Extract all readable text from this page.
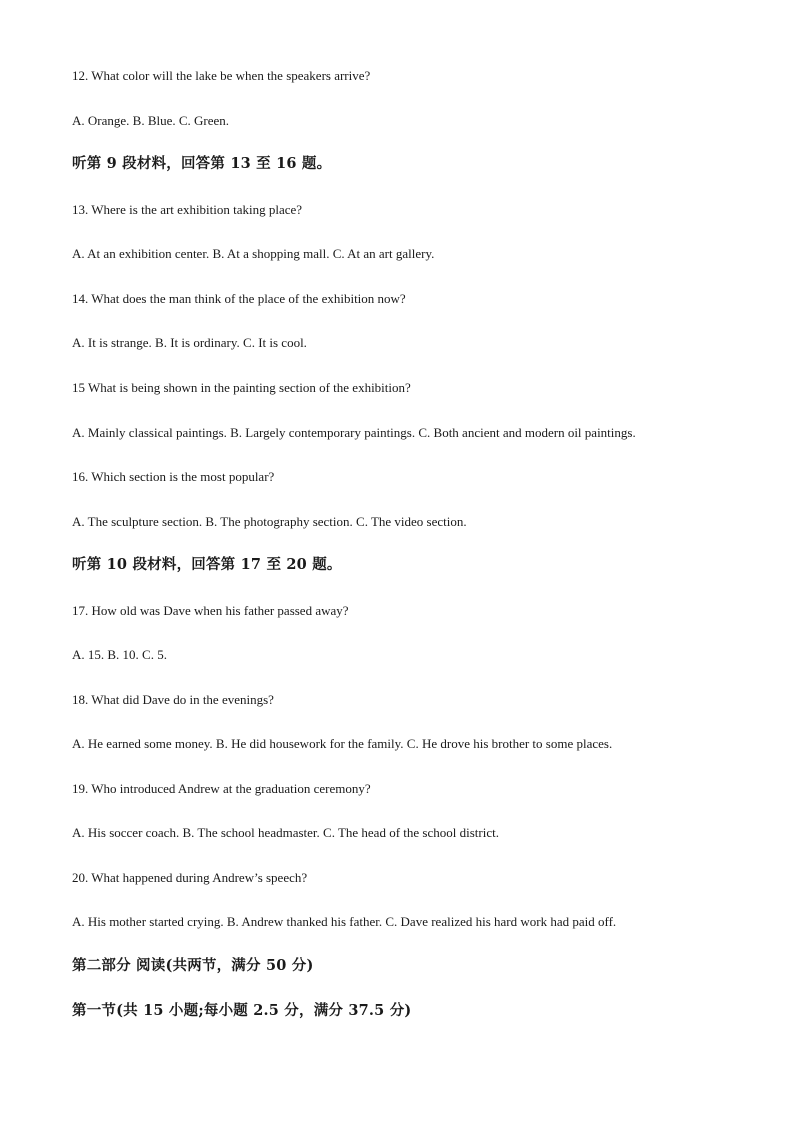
12. What color will the lake be when the speakers arrive?
A. Orange. B. Blue. C. Green.
听第 9 段材料，回答第 13 至 16 题。
13. Where is the art exhibition taking place?
A. At an exhibition center. B. At a shopping mall. C. At an art gallery.
14. What does the man think of the place of the exhibition now?
A. It is strange. B. It is ordinary. C. It is cool.
15 What is being shown in the painting section of the exhibition?
A. Mainly classical paintings. B. Largely contemporary paintings. C. Both ancient and modern oil paintings.
16. Which section is the most popular?
A. The sculpture section. B. The photography section. C. The video section.
听第 10 段材料，回答第 17 至 20 题。
17. How old was Dave when his father passed away?
A. 15. B. 10. C. 5.
18. What did Dave do in the evenings?
A. He earned some money. B. He did housework for the family. C. He drove his brother to some places.
19. Who introduced Andrew at the graduation ceremony?
A. His soccer coach. B. The school headmaster. C. The head of the school district.
20. What happened during Andrew’s speech?
A. His mother started crying. B. Andrew thanked his father. C. Dave realized his hard work had paid off.
第二部分 阅读(共两节，满分 50 分)
第一节(共 15 小题;每小题 2.5 分，满分 37.5 分)
